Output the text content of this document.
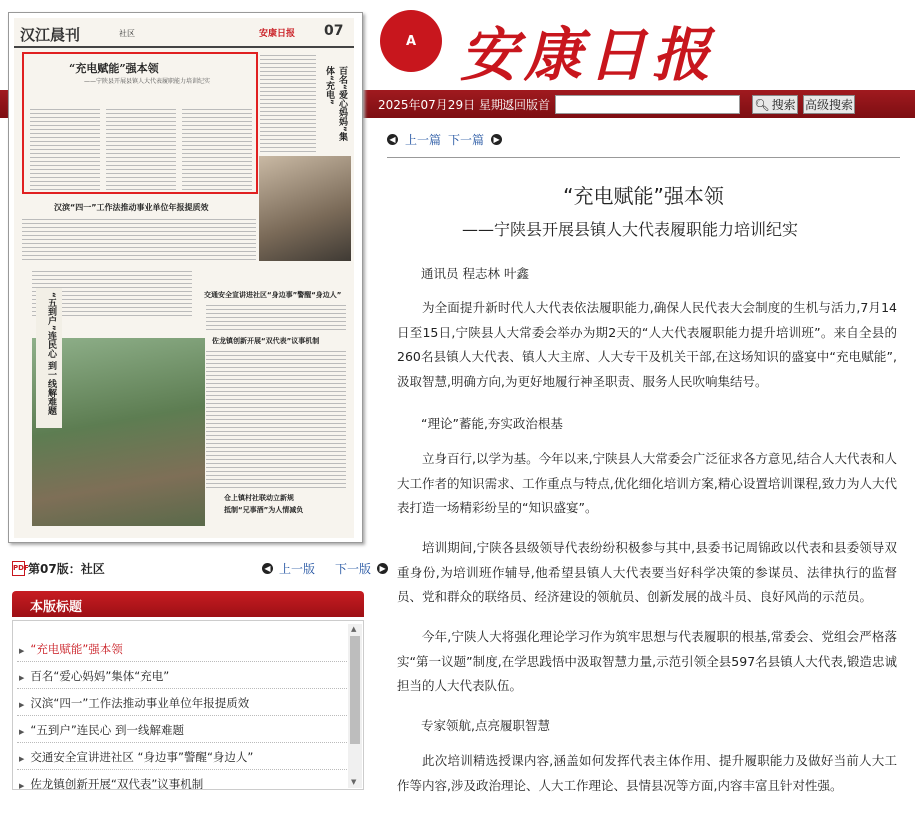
A 安康日报
2025年07月29日 星期二
返回版首	🔍︎ 搜索 高级搜索
汉江晨刊	社区	安康日报 07
“充电赋能”强本领
——宁陕县开展县镇人大代表履职能力培训纪实	百名“爱心妈妈”集体“充电”
汉滨“四一”工作法推动事业单位年报提质效
“五到户”连民心 到一线解难题	交通安全宣讲进社区“身边事”警醒“身边人”
佐龙镇创新开展“双代表”议事机制
仓上镇村社联动立新规
抵制“兄事酒”为人情减负
PDF 第07版：社区	◀ 上一版 下一版	▶
本版标题
▶ “充电赋能”强本领
▶ 百名“爱心妈妈”集体“充电”
▶ 汉滨“四一”工作法推动事业单位年报提质效
▶ “五到户”连民心 到一线解难题
▶ 交通安全宣讲进社区 “身边事”警醒“身边人”
▶ 佐龙镇创新开展“双代表”议事机制
▲
▼
◀ 上一篇 下一篇	▶
“充电赋能”强本领
——宁陕县开展县镇人大代表履职能力培训纪实
通讯员 程志林 叶鑫
为全面提升新时代人大代表依法履职能力,确保人民代表大会制度的生机与活力,7月14日至15日,宁陕县人大常委会举办为期2天的“人大代表履职能力提升培训班”。来自全县的260名县镇人大代表、镇人大主席、人大专干及机关干部,在这场知识的盛宴中“充电赋能”,汲取智慧,明确方向,为更好地履行神圣职责、服务人民吹响集结号。
“理论”蓄能,夯实政治根基
立身百行,以学为基。今年以来,宁陕县人大常委会广泛征求各方意见,结合人大代表和人大工作者的知识需求、工作重点与特点,优化细化培训方案,精心设置培训课程,致力为人大代表打造一场精彩纷呈的“知识盛宴”。
培训期间,宁陕各县级领导代表纷纷积极参与其中,县委书记周锦政以代表和县委领导双重身份,为培训班作辅导,他希望县镇人大代表要当好科学决策的参谋员、法律执行的监督员、党和群众的联络员、经济建设的领航员、创新发展的战斗员、良好风尚的示范员。
今年,宁陕人大将强化理论学习作为筑牢思想与代表履职的根基,常委会、党组会严格落实“第一议题”制度,在学思践悟中汲取智慧力量,示范引领全县597名县镇人大代表,锻造忠诚担当的人大代表队伍。
专家领航,点亮履职智慧
此次培训精选授课内容,涵盖如何发挥代表主体作用、提升履职能力及做好当前人大工作等内容,涉及政治理论、人大工作理论、县情县况等方面,内容丰富且针对性强。
